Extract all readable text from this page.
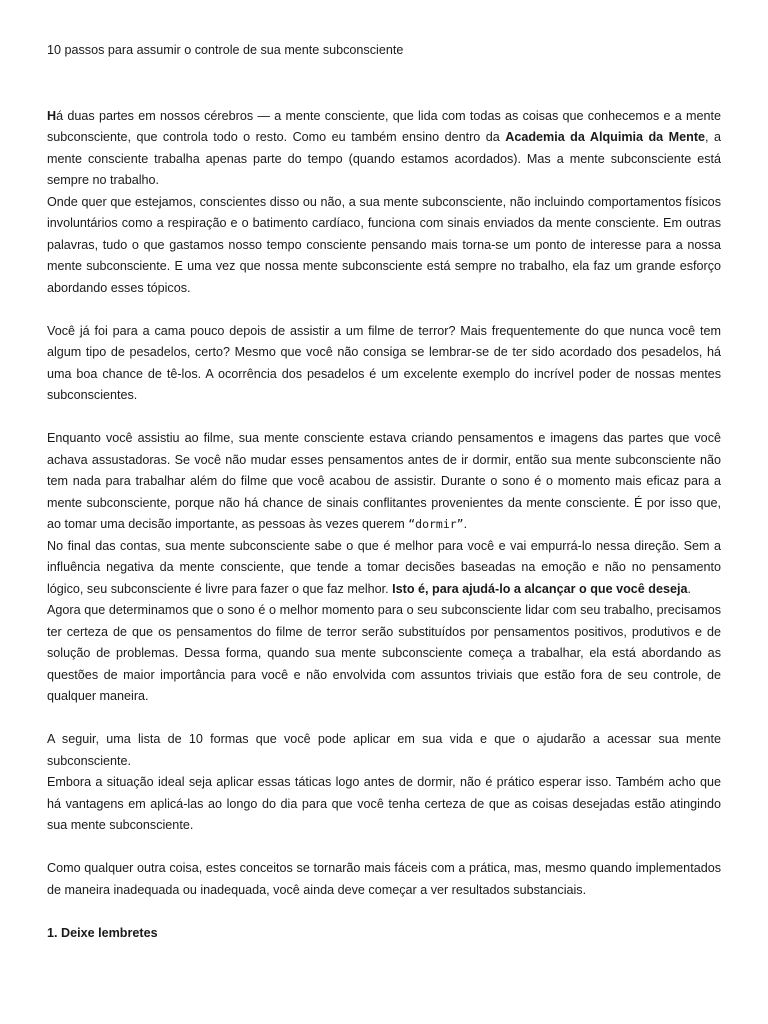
10 passos para assumir o controle de sua mente subconsciente

Há duas partes em nossos cérebros — a mente consciente, que lida com todas as coisas que conhecemos e a mente subconsciente, que controla todo o resto. Como eu também ensino dentro da Academia da Alquimia da Mente, a mente consciente trabalha apenas parte do tempo (quando estamos acordados). Mas a mente subconsciente está sempre no trabalho.

Onde quer que estejamos, conscientes disso ou não, a sua mente subconsciente, não incluindo comportamentos físicos involuntários como a respiração e o batimento cardíaco, funciona com sinais enviados da mente consciente. Em outras palavras, tudo o que gastamos nosso tempo consciente pensando mais torna-se um ponto de interesse para a nossa mente subconsciente. E uma vez que nossa mente subconsciente está sempre no trabalho, ela faz um grande esforço abordando esses tópicos.

Você já foi para a cama pouco depois de assistir a um filme de terror? Mais frequentemente do que nunca você tem algum tipo de pesadelos, certo? Mesmo que você não consiga se lembrar-se de ter sido acordado dos pesadelos, há uma boa chance de tê-los. A ocorrência dos pesadelos é um excelente exemplo do incrível poder de nossas mentes subconscientes.

Enquanto você assistiu ao filme, sua mente consciente estava criando pensamentos e imagens das partes que você achava assustadoras. Se você não mudar esses pensamentos antes de ir dormir, então sua mente subconsciente não tem nada para trabalhar além do filme que você acabou de assistir. Durante o sono é o momento mais eficaz para a mente subconsciente, porque não há chance de sinais conflitantes provenientes da mente consciente. É por isso que, ao tomar uma decisão importante, as pessoas às vezes querem “dormir”.

No final das contas, sua mente subconsciente sabe o que é melhor para você e vai empurrá-lo nessa direção. Sem a influência negativa da mente consciente, que tende a tomar decisões baseadas na emoção e não no pensamento lógico, seu subconsciente é livre para fazer o que faz melhor. Isto é, para ajudá-lo a alcançar o que você deseja.

Agora que determinamos que o sono é o melhor momento para o seu subconsciente lidar com seu trabalho, precisamos ter certeza de que os pensamentos do filme de terror serão substituídos por pensamentos positivos, produtivos e de solução de problemas. Dessa forma, quando sua mente subconsciente começa a trabalhar, ela está abordando as questões de maior importância para você e não envolvida com assuntos triviais que estão fora de seu controle, de qualquer maneira.

A seguir, uma lista de 10 formas que você pode aplicar em sua vida e que o ajudarão a acessar sua mente subconsciente.

Embora a situação ideal seja aplicar essas táticas logo antes de dormir, não é prático esperar isso. Também acho que há vantagens em aplicá-las ao longo do dia para que você tenha certeza de que as coisas desejadas estão atingindo sua mente subconsciente.

Como qualquer outra coisa, estes conceitos se tornarão mais fáceis com a prática, mas, mesmo quando implementados de maneira inadequada ou inadequada, você ainda deve começar a ver resultados substanciais.

1. Deixe lembretes
